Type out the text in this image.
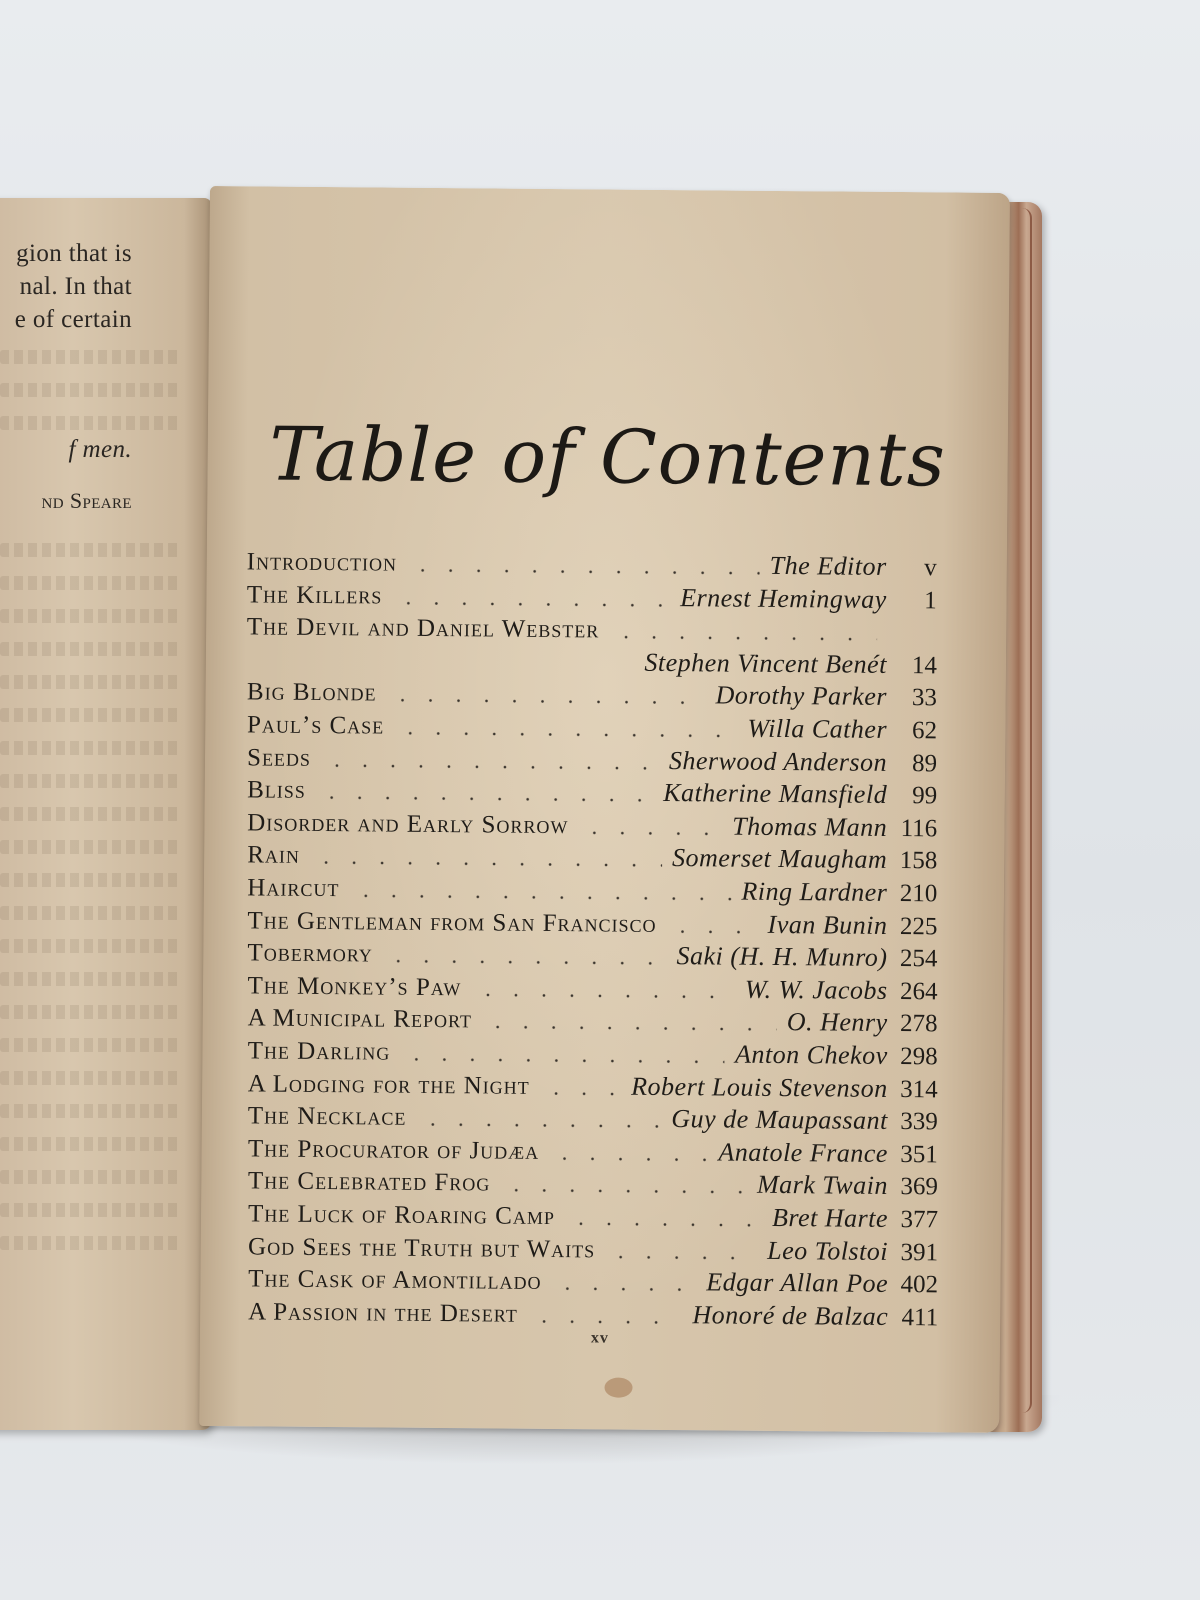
gion that is
nal. In that
e of certain
f men.
nd Speare	Table of Contents
Introduction	The Editor	v
The Killers	Ernest Hemingway	1
The Devil and Daniel Webster
Stephen Vincent Benét 14
Big Blonde	Dorothy Parker 33
Paul’s Case	Willa Cather 62
Seeds	Sherwood Anderson 89
Bliss	Katherine Mansfield 99
Disorder and Early Sorrow	Thomas Mann 116
Rain	Somerset Maugham 158
Haircut	Ring Lardner 210
The Gentleman from San Francisco	Ivan Bunin 225
Tobermory	Saki (H. H. Munro) 254
The Monkey’s Paw	W. W. Jacobs 264
A Municipal Report	O. Henry 278
The Darling	Anton Chekov 298
A Lodging for the Night	Robert Louis Stevenson 314
The Necklace	Guy de Maupassant 339
The Procurator of Judæa	Anatole France 351
The Celebrated Frog	Mark Twain 369
The Luck of Roaring Camp	Bret Harte 377
God Sees the Truth but Waits	Leo Tolstoi 391
The Cask of Amontillado	Edgar Allan Poe 402
A Passion in the Desert	Honoré de Balzac 411
xv
